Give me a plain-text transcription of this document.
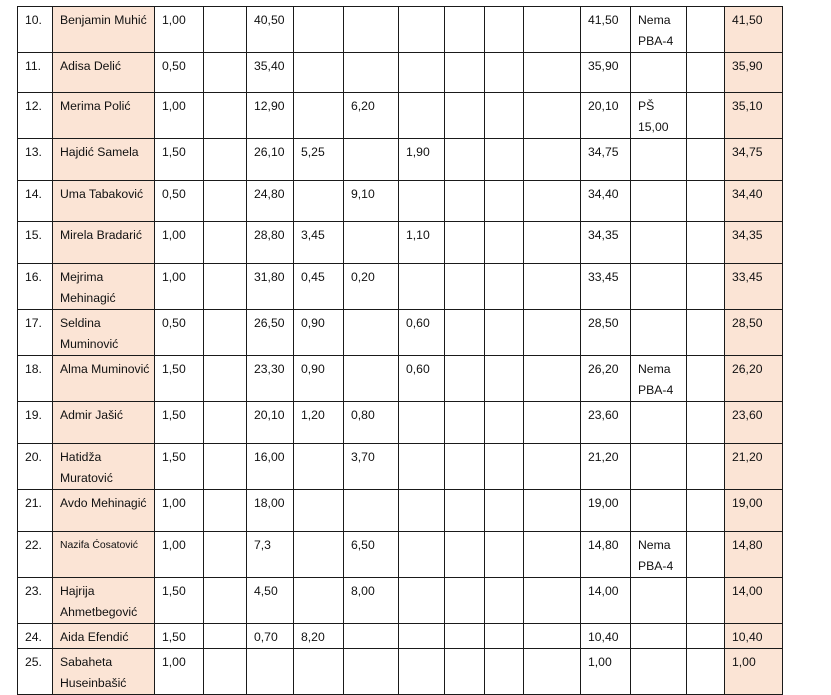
10.	Benjamin Muhić	1,00		40,50							41,50	Nema PBA-4		41,50
11.	Adisa Delić	0,50		35,40							35,90			35,90
12.	Merima Polić	1,00		12,90		6,20					20,10	PŠ 15,00		35,10
13.	Hajdić Samela	1,50		26,10	5,25		1,90				34,75			34,75
14.	Uma Tabaković	0,50		24,80		9,10					34,40			34,40
15.	Mirela Bradarić	1,00		28,80	3,45		1,10				34,35			34,35
16.	Mejrima Mehinagić	1,00		31,80	0,45	0,20					33,45			33,45
17.	Seldina Muminović	0,50		26,50	0,90		0,60				28,50			28,50
18.	Alma Muminović	1,50		23,30	0,90		0,60				26,20	Nema PBA-4		26,20
19.	Admir Jašić	1,50		20,10	1,20	0,80					23,60			23,60
20.	Hatidža Muratović	1,50		16,00		3,70					21,20			21,20
21.	Avdo Mehinagić	1,00		18,00							19,00			19,00
22.	Nazifa Ćosatović	1,00		7,3		6,50					14,80	Nema PBA-4		14,80
23.	Hajrija Ahmetbegović	1,50		4,50		8,00					14,00			14,00
24.	Aida Efendić	1,50		0,70	8,20						10,40			10,40
25.	Sabaheta Huseinbašić	1,00									1,00			1,00
